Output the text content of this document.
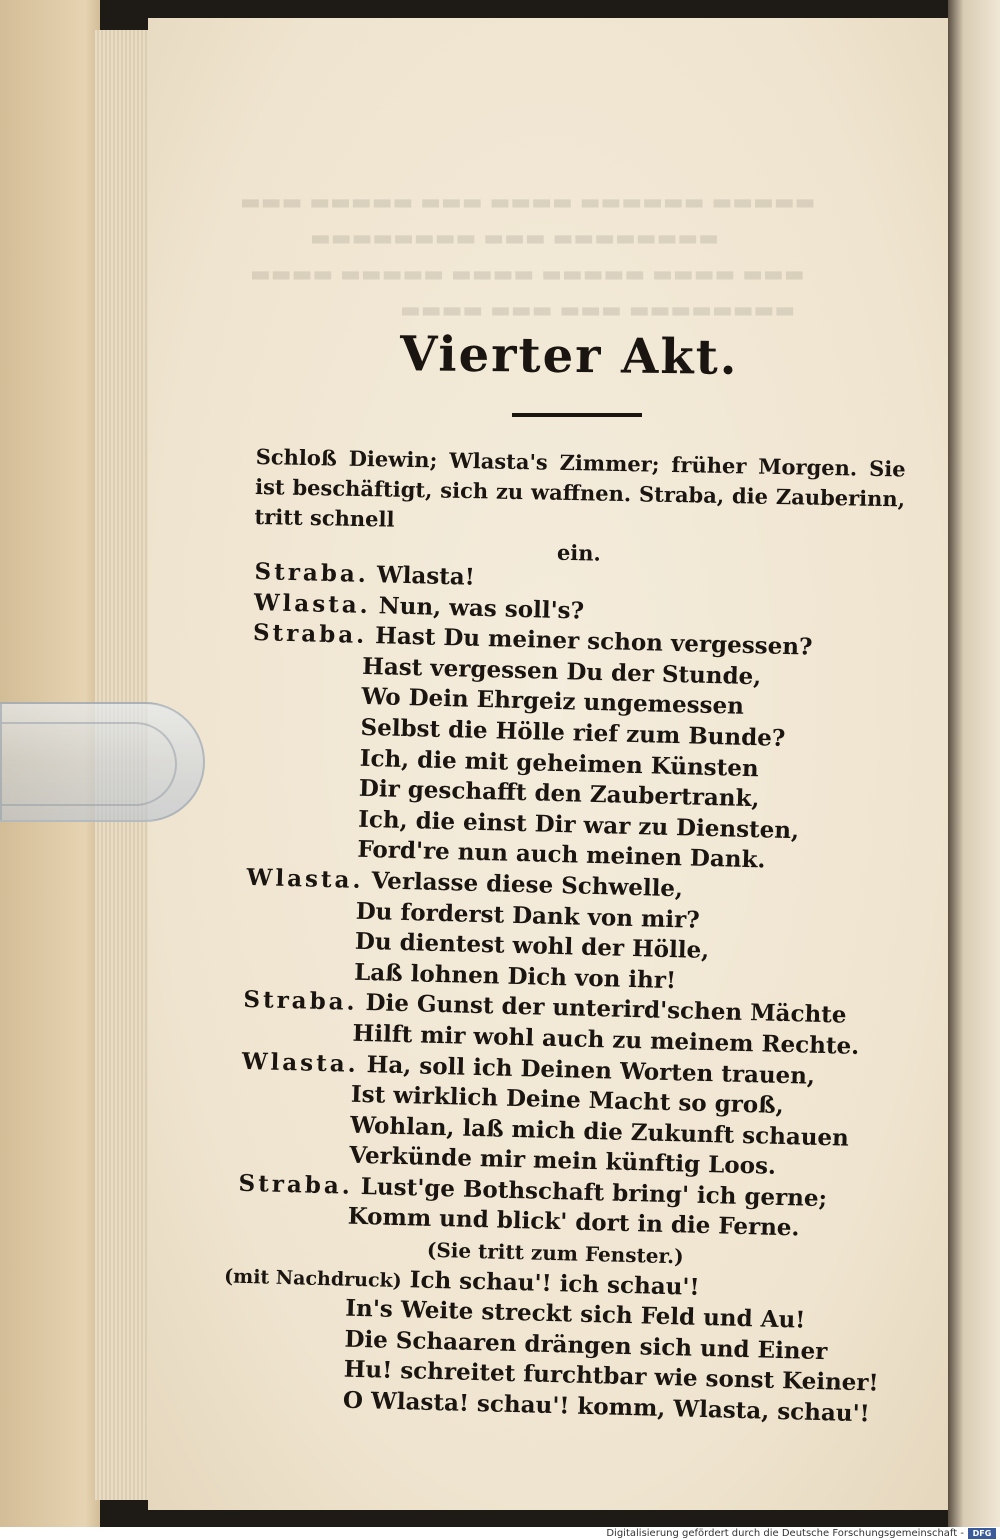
▬▬▬ ▬▬▬▬▬ ▬▬▬ ▬▬▬▬ ▬▬▬▬▬▬ ▬▬▬▬▬
▬▬▬▬▬▬▬▬ ▬▬▬ ▬▬▬▬▬▬▬▬
▬▬▬▬ ▬▬▬▬▬ ▬▬▬▬ ▬▬▬▬▬ ▬▬▬▬ ▬▬▬
▬▬▬▬ ▬▬▬ ▬▬▬ ▬▬▬▬▬▬▬▬
Vierter Akt.
Schloß Diewin; Wlasta's Zimmer; früher Morgen. Sie ist beschäftigt, sich zu waffnen. Straba, die Zauberinn, tritt schnell
ein.
Straba. Wlasta!
Wlasta. Nun, was soll's?
Straba. Hast Du meiner schon vergessen?
Hast vergessen Du der Stunde,
Wo Dein Ehrgeiz ungemessen
Selbst die Hölle rief zum Bunde?
Ich, die mit geheimen Künsten
Dir geschafft den Zaubertrank,
Ich, die einst Dir war zu Diensten,
Ford're nun auch meinen Dank.
Wlasta. Verlasse diese Schwelle,
Du forderst Dank von mir?
Du dientest wohl der Hölle,
Laß lohnen Dich von ihr!
Straba. Die Gunst der unterird'schen Mächte
Hilft mir wohl auch zu meinem Rechte.
Wlasta. Ha, soll ich Deinen Worten trauen,
Ist wirklich Deine Macht so groß,
Wohlan, laß mich die Zukunft schauen
Verkünde mir mein künftig Loos.
Straba. Lust'ge Bothschaft bring' ich gerne;
Komm und blick' dort in die Ferne.
(Sie tritt zum Fenster.)
(mit Nachdruck) Ich schau'! ich schau'!
In's Weite streckt sich Feld und Au!
Die Schaaren drängen sich und Einer
Hu! schreitet furchtbar wie sonst Keiner!
O Wlasta! schau'! komm, Wlasta, schau'!
Digitalisierung gefördert durch die Deutsche Forschungsgemeinschaft -	DFG
